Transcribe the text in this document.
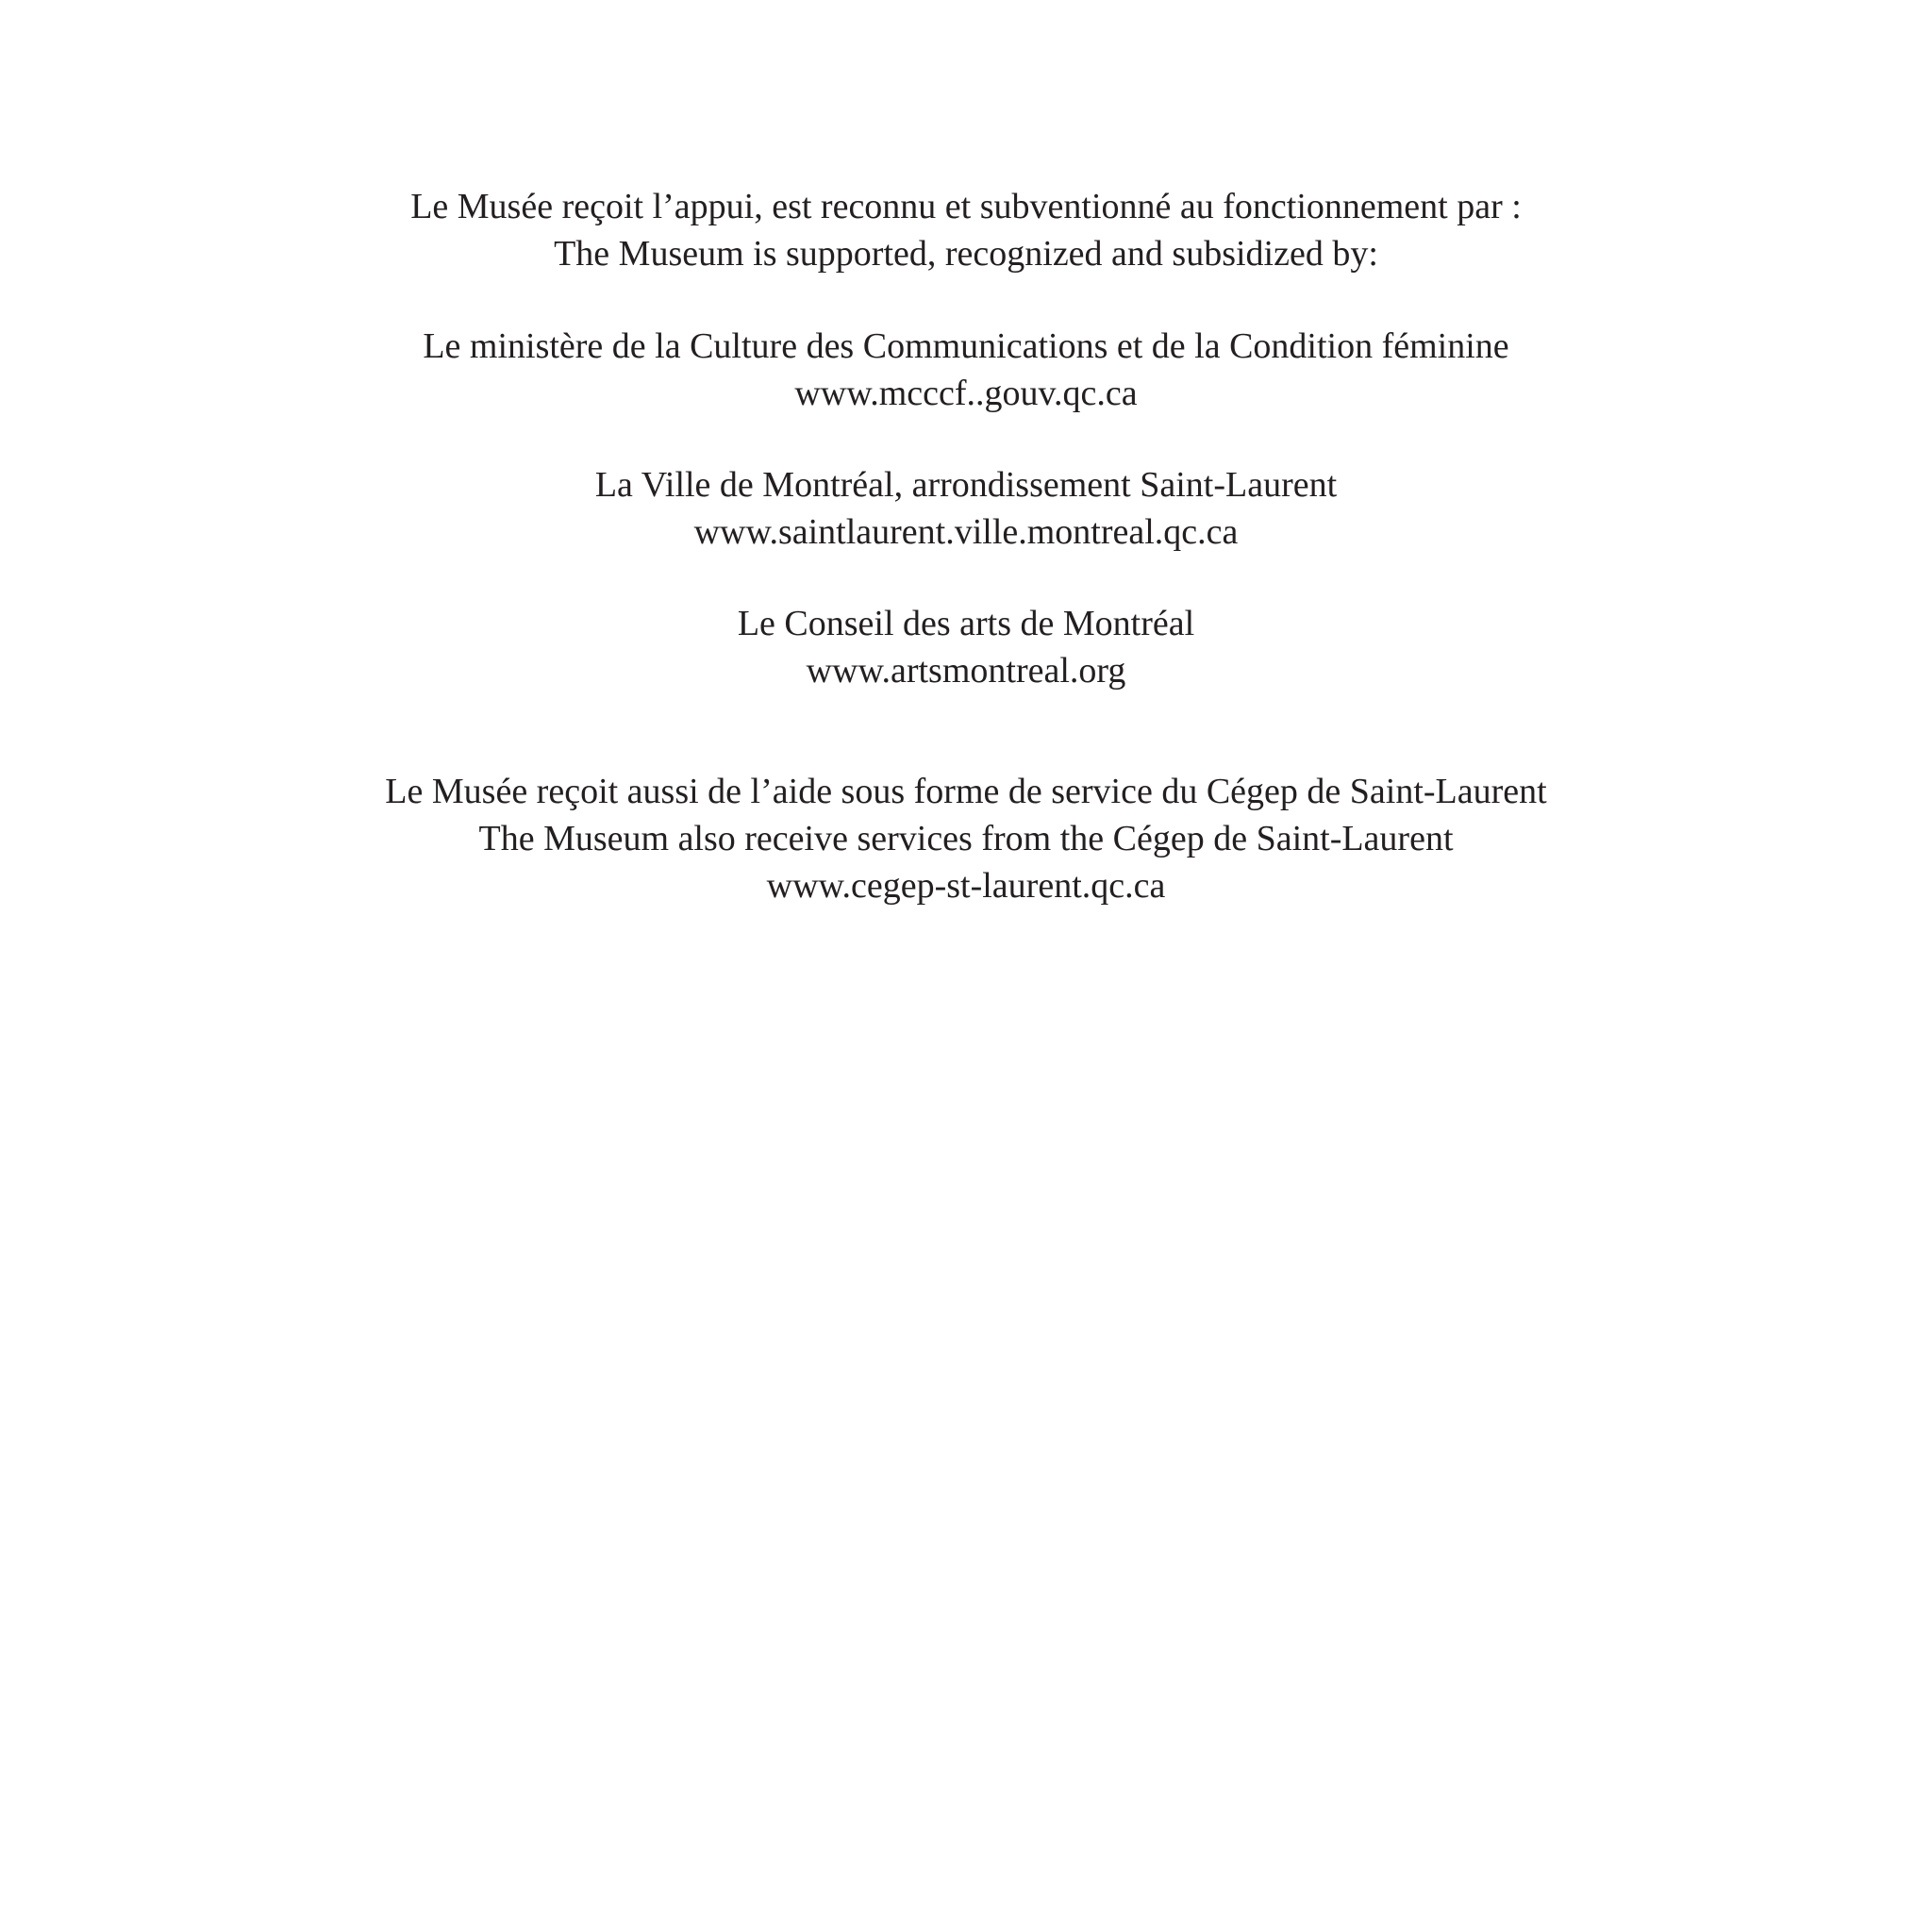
Le Musée reçoit l’appui, est reconnu et subventionné au fonctionnement par :
The Museum is supported, recognized and subsidized by:

Le ministère de la Culture des Communications et de la Condition féminine
www.mcccf..gouv.qc.ca

La Ville de Montréal, arrondissement Saint-Laurent
www.saintlaurent.ville.montreal.qc.ca

Le Conseil des arts de Montréal
www.artsmontreal.org

Le Musée reçoit aussi de l’aide sous forme de service du Cégep de Saint-Laurent
The Museum also receive services from the Cégep de Saint-Laurent
www.cegep-st-laurent.qc.ca
